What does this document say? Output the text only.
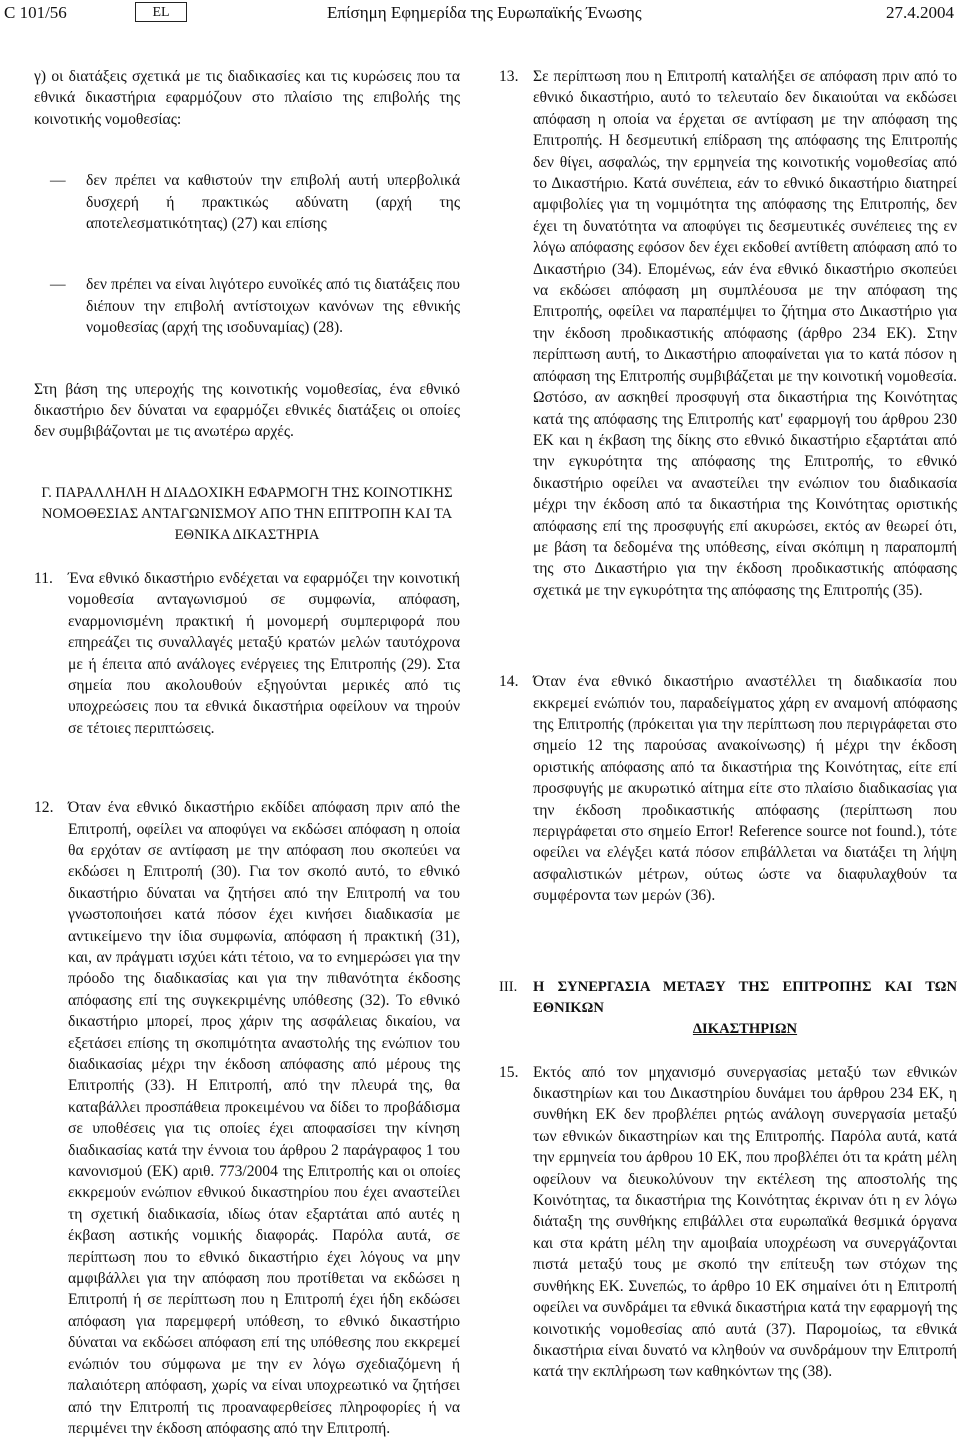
C 101/56	EL	Επίσημη Εφημερίδα της Ευρωπαϊκής Ένωσης	27.4.2004

γ) οι διατάξεις σχετικά με τις διαδικασίες και τις κυρώσεις που τα εθνικά δικαστήρια εφαρμόζουν στο πλαίσιο της επιβολής της κοινοτικής νομοθεσίας:

— δεν πρέπει να καθιστούν την επιβολή αυτή υπερβολικά δυσχερή ή πρακτικώς αδύνατη (αρχή της αποτελεσματικότητας) (27) και επίσης

— δεν πρέπει να είναι λιγότερο ευνοϊκές από τις διατάξεις που διέπουν την επιβολή αντίστοιχων κανόνων της εθνικής νομοθεσίας (αρχή της ισοδυναμίας) (28).

Στη βάση της υπεροχής της κοινοτικής νομοθεσίας, ένα εθνικό δικαστήριο δεν δύναται να εφαρμόζει εθνικές διατάξεις οι οποίες δεν συμβιβάζονται με τις ανωτέρω αρχές.

Γ. ΠΑΡΑΛΛΗΛΗ Η ΔΙΑΔΟΧΙΚΗ ΕΦΑΡΜΟΓΗ ΤΗΣ ΚΟΙΝΟΤΙΚΗΣ ΝΟΜΟΘΕΣΙΑΣ ΑΝΤΑΓΩΝΙΣΜΟΥ ΑΠΟ ΤΗΝ ΕΠΙΤΡΟΠΗ ΚΑΙ ΤΑ ΕΘΝΙΚΑ ΔΙΚΑΣΤΗΡΙΑ

11. Ένα εθνικό δικαστήριο ενδέχεται να εφαρμόζει την κοινοτική νομοθεσία ανταγωνισμού σε συμφωνία, απόφαση, εναρμονισμένη πρακτική ή μονομερή συμπεριφορά που επηρεάζει τις συναλλαγές μεταξύ κρατών μελών ταυτόχρονα με ή έπειτα από ανάλογες ενέργειες της Επιτροπής (29). Στα σημεία που ακολουθούν εξηγούνται μερικές από τις υποχρεώσεις που τα εθνικά δικαστήρια οφείλουν να τηρούν σε τέτοιες περιπτώσεις.

12. Όταν ένα εθνικό δικαστήριο εκδίδει απόφαση πριν από the Επιτροπή, οφείλει να αποφύγει να εκδώσει απόφαση η οποία θα ερχόταν σε αντίφαση με την απόφαση που σκοπεύει να εκδώσει η Επιτροπή (30). Για τον σκοπό αυτό, το εθνικό δικαστήριο δύναται να ζητήσει από την Επιτροπή να του γνωστοποιήσει κατά πόσον έχει κινήσει διαδικασία με αντικείμενο την ίδια συμφωνία, απόφαση ή πρακτική (31), και, αν πράγματι ισχύει κάτι τέτοιο, να το ενημερώσει για την πρόοδο της διαδικασίας και για την πιθανότητα έκδοσης απόφασης επί της συγκεκριμένης υπόθεσης (32). Το εθνικό δικαστήριο μπορεί, προς χάριν της ασφάλειας δικαίου, να εξετάσει επίσης τη σκοπιμότητα αναστολής της ενώπιον του διαδικασίας μέχρι την έκδοση απόφασης από μέρους της Επιτροπής (33). Η Επιτροπή, από την πλευρά της, θα καταβάλλει προσπάθεια προκειμένου να δίδει το προβάδισμα σε υποθέσεις για τις οποίες έχει αποφασίσει την κίνηση διαδικασίας κατά την έννοια του άρθρου 2 παράγραφος 1 του κανονισμού (ΕΚ) αριθ. 773/2004 της Επιτροπής και οι οποίες εκκρεμούν ενώπιον εθνικού δικαστηρίου που έχει αναστείλει τη σχετική διαδικασία, ιδίως όταν εξαρτάται από αυτές η έκβαση αστικής νομικής διαφοράς. Παρόλα αυτά, σε περίπτωση που το εθνικό δικαστήριο έχει λόγους να μην αμφιβάλλει για την απόφαση που προτίθεται να εκδώσει η Επιτροπή ή σε περίπτωση που η Επιτροπή έχει ήδη εκδώσει απόφαση για παρεμφερή υπόθεση, το εθνικό δικαστήριο δύναται να εκδώσει απόφαση επί της υπόθεσης που εκκρεμεί ενώπιόν του σύμφωνα με την εν λόγω σχεδιαζόμενη ή παλαιότερη απόφαση, χωρίς να είναι υποχρεωτικό να ζητήσει από την Επιτροπή τις προαναφερθείσες πληροφορίες ή να περιμένει την έκδοση απόφασης από την Επιτροπή.

13. Σε περίπτωση που η Επιτροπή καταλήξει σε απόφαση πριν από το εθνικό δικαστήριο, αυτό το τελευταίο δεν δικαιούται να εκδώσει απόφαση η οποία να έρχεται σε αντίφαση με την απόφαση της Επιτροπής. Η δεσμευτική επίδραση της απόφασης της Επιτροπής δεν θίγει, ασφαλώς, την ερμηνεία της κοινοτικής νομοθεσίας από το Δικαστήριο. Κατά συνέπεια, εάν το εθνικό δικαστήριο διατηρεί αμφιβολίες για τη νομιμότητα της απόφασης της Επιτροπής, δεν έχει τη δυνατότητα να αποφύγει τις δεσμευτικές συνέπειες της εν λόγω απόφασης εφόσον δεν έχει εκδοθεί αντίθετη απόφαση από το Δικαστήριο (34). Επομένως, εάν ένα εθνικό δικαστήριο σκοπεύει να εκδώσει απόφαση μη συμπλέουσα με την απόφαση της Επιτροπής, οφείλει να παραπέμψει το ζήτημα στο Δικαστήριο για την έκδοση προδικαστικής απόφασης (άρθρο 234 ΕΚ). Στην περίπτωση αυτή, το Δικαστήριο αποφαίνεται για το κατά πόσον η απόφαση της Επιτροπής συμβιβάζεται με την κοινοτική νομοθεσία. Ωστόσο, αν ασκηθεί προσφυγή στα δικαστήρια της Κοινότητας κατά της απόφασης της Επιτροπής κατ' εφαρμογή του άρθρου 230 ΕΚ και η έκβαση της δίκης στο εθνικό δικαστήριο εξαρτάται από την εγκυρότητα της απόφασης της Επιτροπής, το εθνικό δικαστήριο οφείλει να αναστείλει την ενώπιον του διαδικασία μέχρι την έκδοση από τα δικαστήρια της Κοινότητας οριστικής απόφασης επί της προσφυγής επί ακυρώσει, εκτός αν θεωρεί ότι, με βάση τα δεδομένα της υπόθεσης, είναι σκόπιμη η παραπομπή της στο Δικαστήριο για την έκδοση προδικαστικής απόφασης σχετικά με την εγκυρότητα της απόφασης της Επιτροπής (35).

14. Όταν ένα εθνικό δικαστήριο αναστέλλει τη διαδικασία που εκκρεμεί ενώπιόν του, παραδείγματος χάρη εν αναμονή απόφασης της Επιτροπής (πρόκειται για την περίπτωση που περιγράφεται στο σημείο 12 της παρούσας ανακοίνωσης) ή μέχρι την έκδοση οριστικής απόφασης από τα δικαστήρια της Κοινότητας, είτε επί προσφυγής με ακυρωτικό αίτημα είτε στο πλαίσιο διαδικασίας για την έκδοση προδικαστικής απόφασης (περίπτωση που περιγράφεται στο σημείο Error! Reference source not found.), τότε οφείλει να ελέγξει κατά πόσον επιβάλλεται να διατάξει τη λήψη ασφαλιστικών μέτρων, ούτως ώστε να διαφυλαχθούν τα συμφέροντα των μερών (36).

III. Η ΣΥΝΕΡΓΑΣΙΑ ΜΕΤΑΞΥ ΤΗΣ ΕΠΙΤΡΟΠΗΣ ΚΑΙ ΤΩΝ ΕΘΝΙΚΩΝ
ΔΙΚΑΣΤΗΡΙΩΝ

15. Εκτός από τον μηχανισμό συνεργασίας μεταξύ των εθνικών δικαστηρίων και του Δικαστηρίου δυνάμει του άρθρου 234 ΕΚ, η συνθήκη ΕΚ δεν προβλέπει ρητώς ανάλογη συνεργασία μεταξύ των εθνικών δικαστηρίων και της Επιτροπής. Παρόλα αυτά, κατά την ερμηνεία του άρθρου 10 ΕΚ, που προβλέπει ότι τα κράτη μέλη οφείλουν να διευκολύνουν την εκτέλεση της αποστολής της Κοινότητας, τα δικαστήρια της Κοινότητας έκριναν ότι η εν λόγω διάταξη της συνθήκης επιβάλλει στα ευρωπαϊκά θεσμικά όργανα και στα κράτη μέλη την αμοιβαία υποχρέωση να συνεργάζονται πιστά μεταξύ τους με σκοπό την επίτευξη των στόχων της συνθήκης ΕΚ. Συνεπώς, το άρθρο 10 ΕΚ σημαίνει ότι η Επιτροπή οφείλει να συνδράμει τα εθνικά δικαστήρια κατά την εφαρμογή της κοινοτικής νομοθεσίας από αυτά (37). Παρομοίως, τα εθνικά δικαστήρια είναι δυνατό να κληθούν να συνδράμουν την Επιτροπή κατά την εκπλήρωση των καθηκόντων της (38).
